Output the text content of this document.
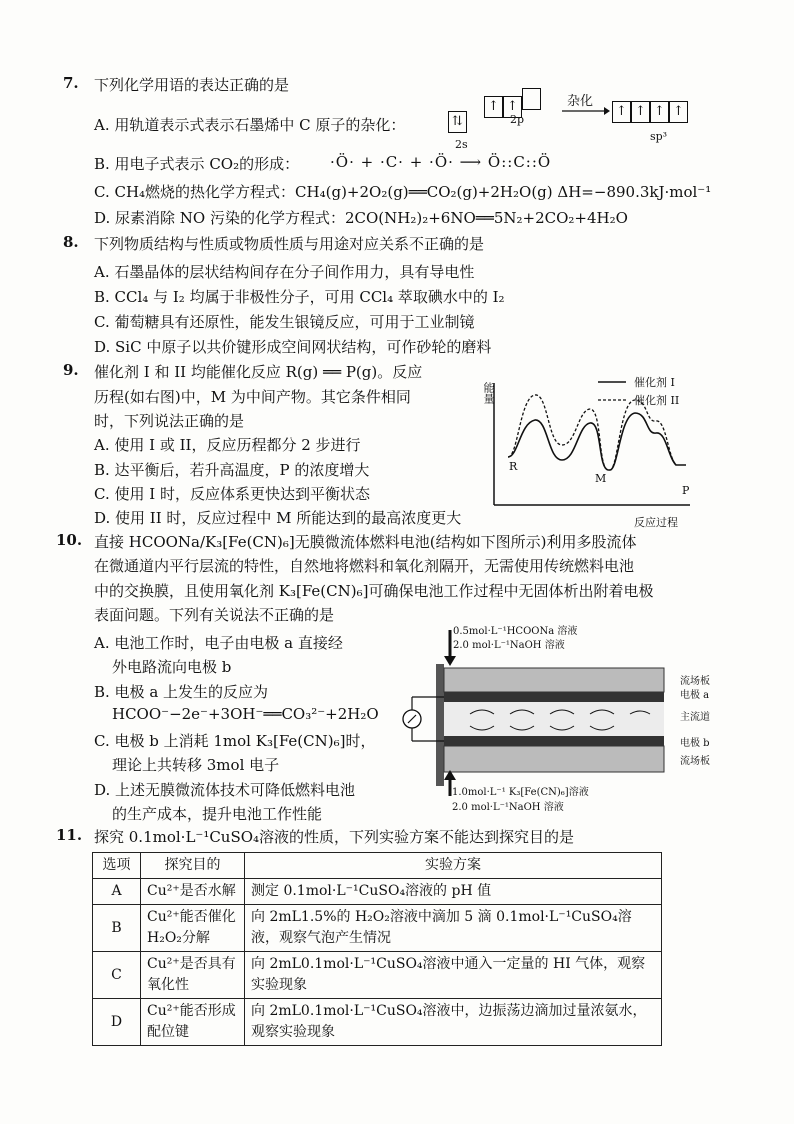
7. 下列化学用语的表达正确的是
A. 用轨道表示式表示石墨烯中 C 原子的杂化：	⇅
2s
↑ ↑
2p
杂化
↑ ↑ ↑ ↑
sp³
B. 用电子式表示 CO₂的形成： ·Ö· + ·C· + ·Ö· ⟶ Ö::C::Ö
C. CH₄燃烧的热化学方程式：CH₄(g)+2O₂(g)══CO₂(g)+2H₂O(g) ΔH=−890.3kJ·mol⁻¹
D. 尿素消除 NO 污染的化学方程式：2CO(NH₂)₂+6NO══5N₂+2CO₂+4H₂O
8. 下列物质结构与性质或物质性质与用途对应关系不正确的是
A. 石墨晶体的层状结构间存在分子间作用力，具有导电性
B. CCl₄ 与 I₂ 均属于非极性分子，可用 CCl₄ 萃取碘水中的 I₂
C. 葡萄糖具有还原性，能发生银镜反应，可用于工业制镜
D. SiC 中原子以共价键形成空间网状结构，可作砂轮的磨料
9. 催化剂 I 和 II 均能催化反应 R(g) ══ P(g)。反应
历程(如右图)中，M 为中间产物。其它条件相同
时，下列说法正确的是
A. 使用 I 或 II，反应历程都分 2 步进行
B. 达平衡后，若升高温度，P 的浓度增大
C. 使用 I 时，反应体系更快达到平衡状态
D. 使用 II 时，反应过程中 M 所能达到的最高浓度更大
能量	催化剂 I
催化剂 II
R
M
P
反应过程
10. 直接 HCOONa/K₃[Fe(CN)₆]无膜微流体燃料电池(结构如下图所示)利用多股流体
在微通道内平行层流的特性，自然地将燃料和氧化剂隔开，无需使用传统燃料电池
中的交换膜，且使用氧化剂 K₃[Fe(CN)₆]可确保电池工作过程中无固体析出附着电极
表面问题。下列有关说法不正确的是
A. 电池工作时，电子由电极 a 直接经
外电路流向电极 b
B. 电极 a 上发生的反应为
HCOO⁻−2e⁻+3OH⁻══CO₃²⁻+2H₂O
C. 电极 b 上消耗 1mol K₃[Fe(CN)₆]时，
理论上共转移 3mol 电子
D. 上述无膜微流体技术可降低燃料电池
的生产成本，提升电池工作性能
0.5mol·L⁻¹HCOONa 溶液
2.0 mol·L⁻¹NaOH 溶液
1.0mol·L⁻¹ K₃[Fe(CN)₆]溶液
2.0 mol·L⁻¹NaOH 溶液
流场板
电极 a
主流道
电极 b
流场板
11. 探究 0.1mol·L⁻¹CuSO₄溶液的性质，下列实验方案不能达到探究目的是
选项	探究目的	实验方案
A	Cu²⁺是否水解	测定 0.1mol·L⁻¹CuSO₄溶液的 pH 值
B	Cu²⁺能否催化 H₂O₂分解	向 2mL1.5%的 H₂O₂溶液中滴加 5 滴 0.1mol·L⁻¹CuSO₄溶液，观察气泡产生情况
C	Cu²⁺是否具有氧化性	向 2mL0.1mol·L⁻¹CuSO₄溶液中通入一定量的 HI 气体，观察实验现象
D	Cu²⁺能否形成配位键	向 2mL0.1mol·L⁻¹CuSO₄溶液中，边振荡边滴加过量浓氨水，观察实验现象
